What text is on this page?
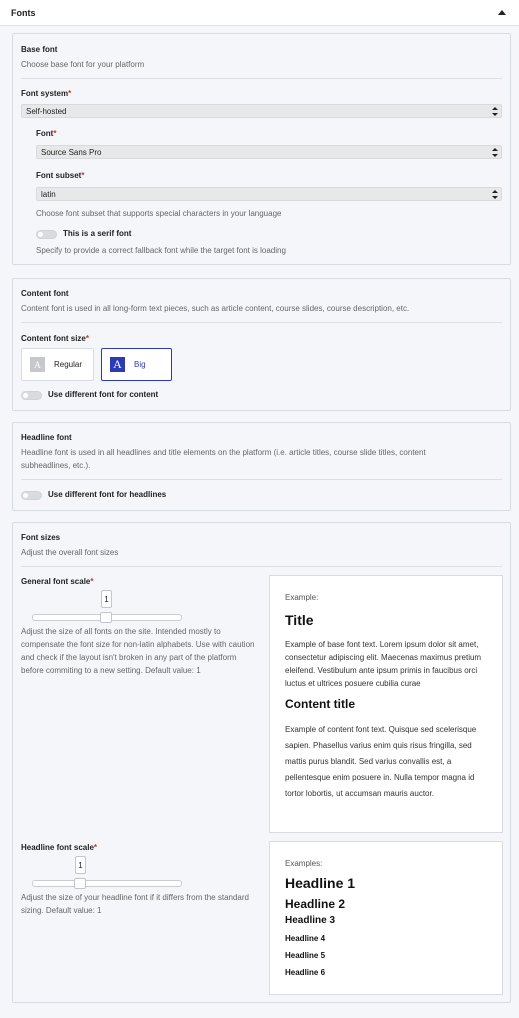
Fonts
Base font
Choose base font for your platform
Font system*
Self-hosted
Font*
Source Sans Pro
Font subset*
latin
Choose font subset that supports special characters in your language
This is a serif font
Specify to provide a correct fallback font while the target font is loading
Content font
Content font is used in all long-form text pieces, such as article content, course slides, course description, etc.
Content font size*
A	Regular	A	Big
Use different font for content
Headline font
Headline font is used in all headlines and title elements on the platform (i.e. article titles, course slide titles, content subheadlines, etc.).
Use different font for headlines
Font sizes
Adjust the overall font sizes
General font scale*
1
Adjust the size of all fonts on the site. Intended mostly to compensate the font size for non-latin alphabets. Use with caution and check if the layout isn't broken in any part of the platform before commiting to a new setting. Default value: 1
Example:
Title
Example of base font text. Lorem ipsum dolor sit amet, consectetur adipiscing elit. Maecenas maximus pretium eleifend. Vestibulum ante ipsum primis in faucibus orci luctus et ultrices posuere cubilia curae
Content title
Example of content font text. Quisque sed scelerisque sapien. Phasellus varius enim quis risus fringilla, sed mattis purus blandit. Sed varius convallis est, a pellentesque enim posuere in. Nulla tempor magna id tortor lobortis, ut accumsan mauris auctor.
Headline font scale*
1
Adjust the size of your headline font if it differs from the standard sizing. Default value: 1
Examples:
Headline 1
Headline 2
Headline 3
Headline 4
Headline 5
Headline 6
